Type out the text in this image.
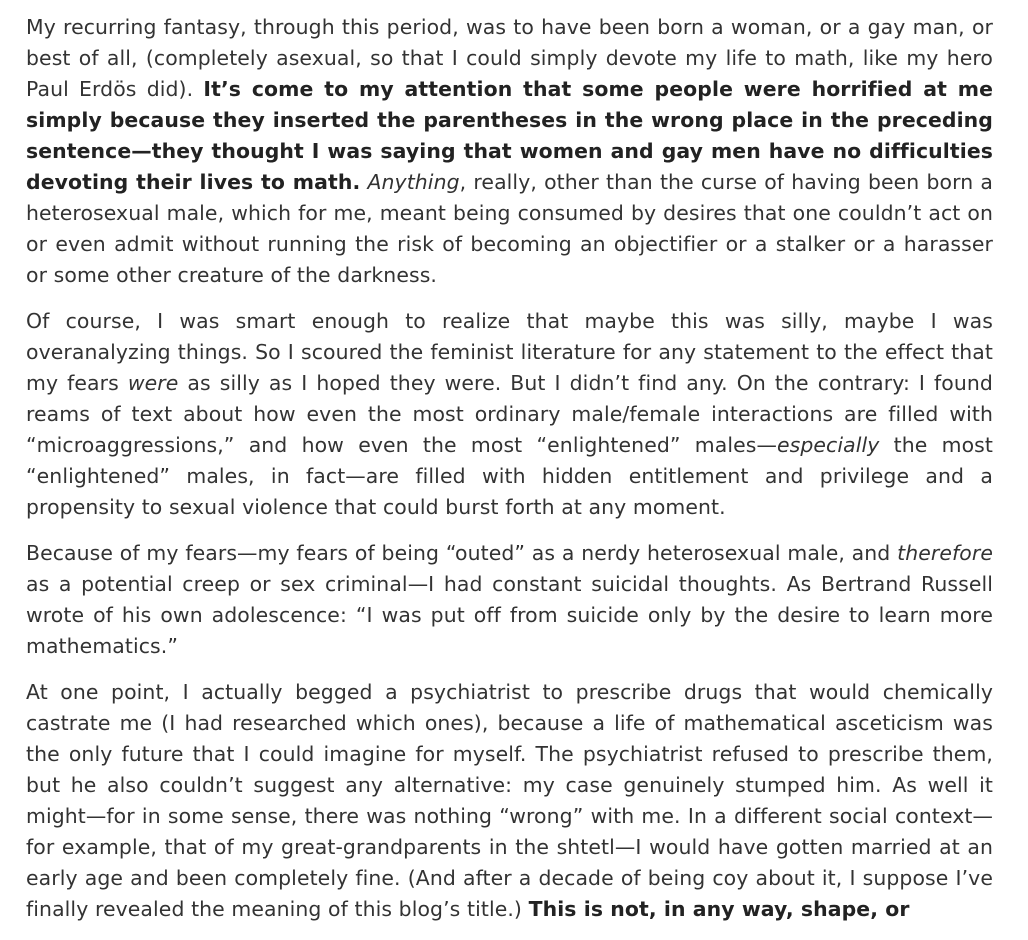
My recurring fantasy, through this period, was to have been born a woman, or a gay man, or best of all, (completely asexual, so that I could simply devote my life to math, like my hero Paul Erdös did). It’s come to my attention that some people were horrified at me simply because they inserted the parentheses in the wrong place in the preceding sentence—they thought I was saying that women and gay men have no difficulties devoting their lives to math. Anything, really, other than the curse of having been born a heterosexual male, which for me, meant being consumed by desires that one couldn’t act on or even admit without running the risk of becoming an objectifier or a stalker or a harasser or some other creature of the darkness.

Of course, I was smart enough to realize that maybe this was silly, maybe I was overanalyzing things. So I scoured the feminist literature for any statement to the effect that my fears were as silly as I hoped they were. But I didn’t find any. On the contrary: I found reams of text about how even the most ordinary male/female interactions are filled with “microaggressions,” and how even the most “enlightened” males—especially the most “enlightened” males, in fact—are filled with hidden entitlement and privilege and a propensity to sexual violence that could burst forth at any moment.

Because of my fears—my fears of being “outed” as a nerdy heterosexual male, and therefore as a potential creep or sex criminal—I had constant suicidal thoughts. As Bertrand Russell wrote of his own adolescence: “I was put off from suicide only by the desire to learn more mathematics.”

At one point, I actually begged a psychiatrist to prescribe drugs that would chemically castrate me (I had researched which ones), because a life of mathematical asceticism was the only future that I could imagine for myself. The psychiatrist refused to prescribe them, but he also couldn’t suggest any alternative: my case genuinely stumped him. As well it might—for in some sense, there was nothing “wrong” with me. In a different social context—for example, that of my great-grandparents in the shtetl—I would have gotten married at an early age and been completely fine. (And after a decade of being coy about it, I suppose I’ve finally revealed the meaning of this blog’s title.) This is not, in any way, shape, or
